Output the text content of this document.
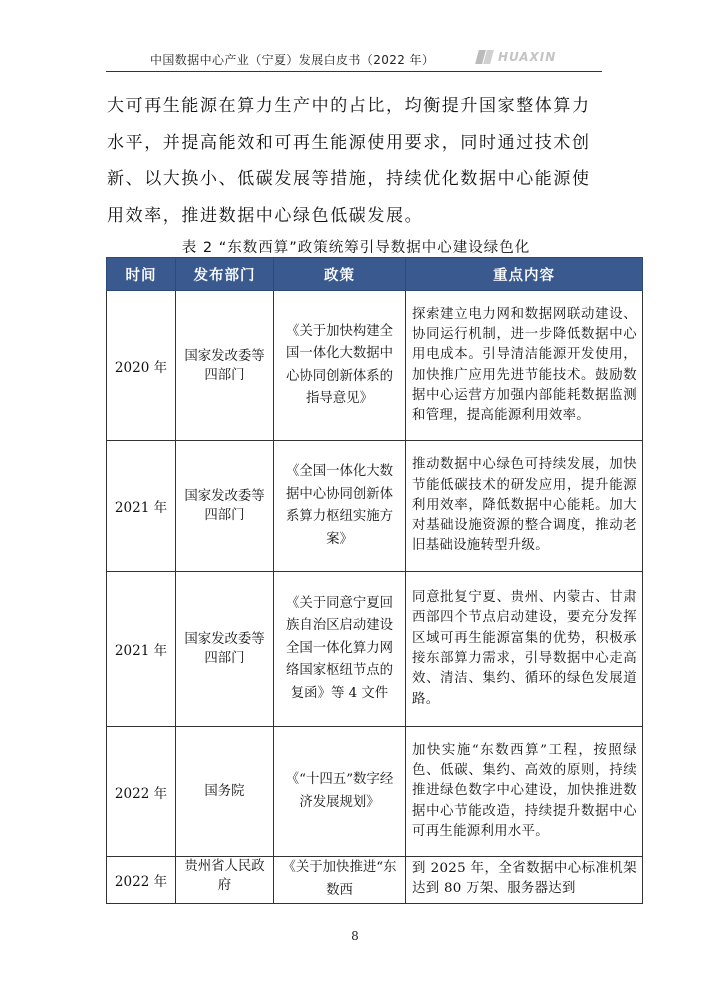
中国数据中心产业（宁夏）发展白皮书（2022 年）	HUAXIN
大可再生能源在算力生产中的占比，均衡提升国家整体算力
水平，并提高能效和可再生能源使用要求，同时通过技术创
新、以大换小、低碳发展等措施，持续优化数据中心能源使
用效率，推进数据中心绿色低碳发展。
表 2 “东数西算”政策统筹引导数据中心建设绿色化
时间	发布部门	政策	重点内容
2020 年	国家发改委等四部门	《关于加快构建全国一体化大数据中心协同创新体系的指导意见》	探索建立电力网和数据网联动建设、协同运行机制，进一步降低数据中心用电成本。引导清洁能源开发使用，加快推广应用先进节能技术。鼓励数据中心运营方加强内部能耗数据监测和管理，提高能源利用效率。
2021 年	国家发改委等四部门	《全国一体化大数据中心协同创新体系算力枢纽实施方案》	推动数据中心绿色可持续发展，加快节能低碳技术的研发应用，提升能源利用效率，降低数据中心能耗。加大对基础设施资源的整合调度，推动老旧基础设施转型升级。
2021 年	国家发改委等四部门	《关于同意宁夏回族自治区启动建设全国一体化算力网络国家枢纽节点的复函》等 4 文件	同意批复宁夏、贵州、内蒙古、甘肃西部四个节点启动建设，要充分发挥区域可再生能源富集的优势，积极承接东部算力需求，引导数据中心走高效、清洁、集约、循环的绿色发展道路。
2022 年	国务院	《“十四五”数字经济发展规划》	加快实施“东数西算”工程，按照绿色、低碳、集约、高效的原则，持续推进绿色数字中心建设，加快推进数据中心节能改造，持续提升数据中心可再生能源利用水平。
2022 年	贵州省人民政府	《关于加快推进“东数西	到 2025 年，全省数据中心标准机架达到 80 万架、服务器达到
8
